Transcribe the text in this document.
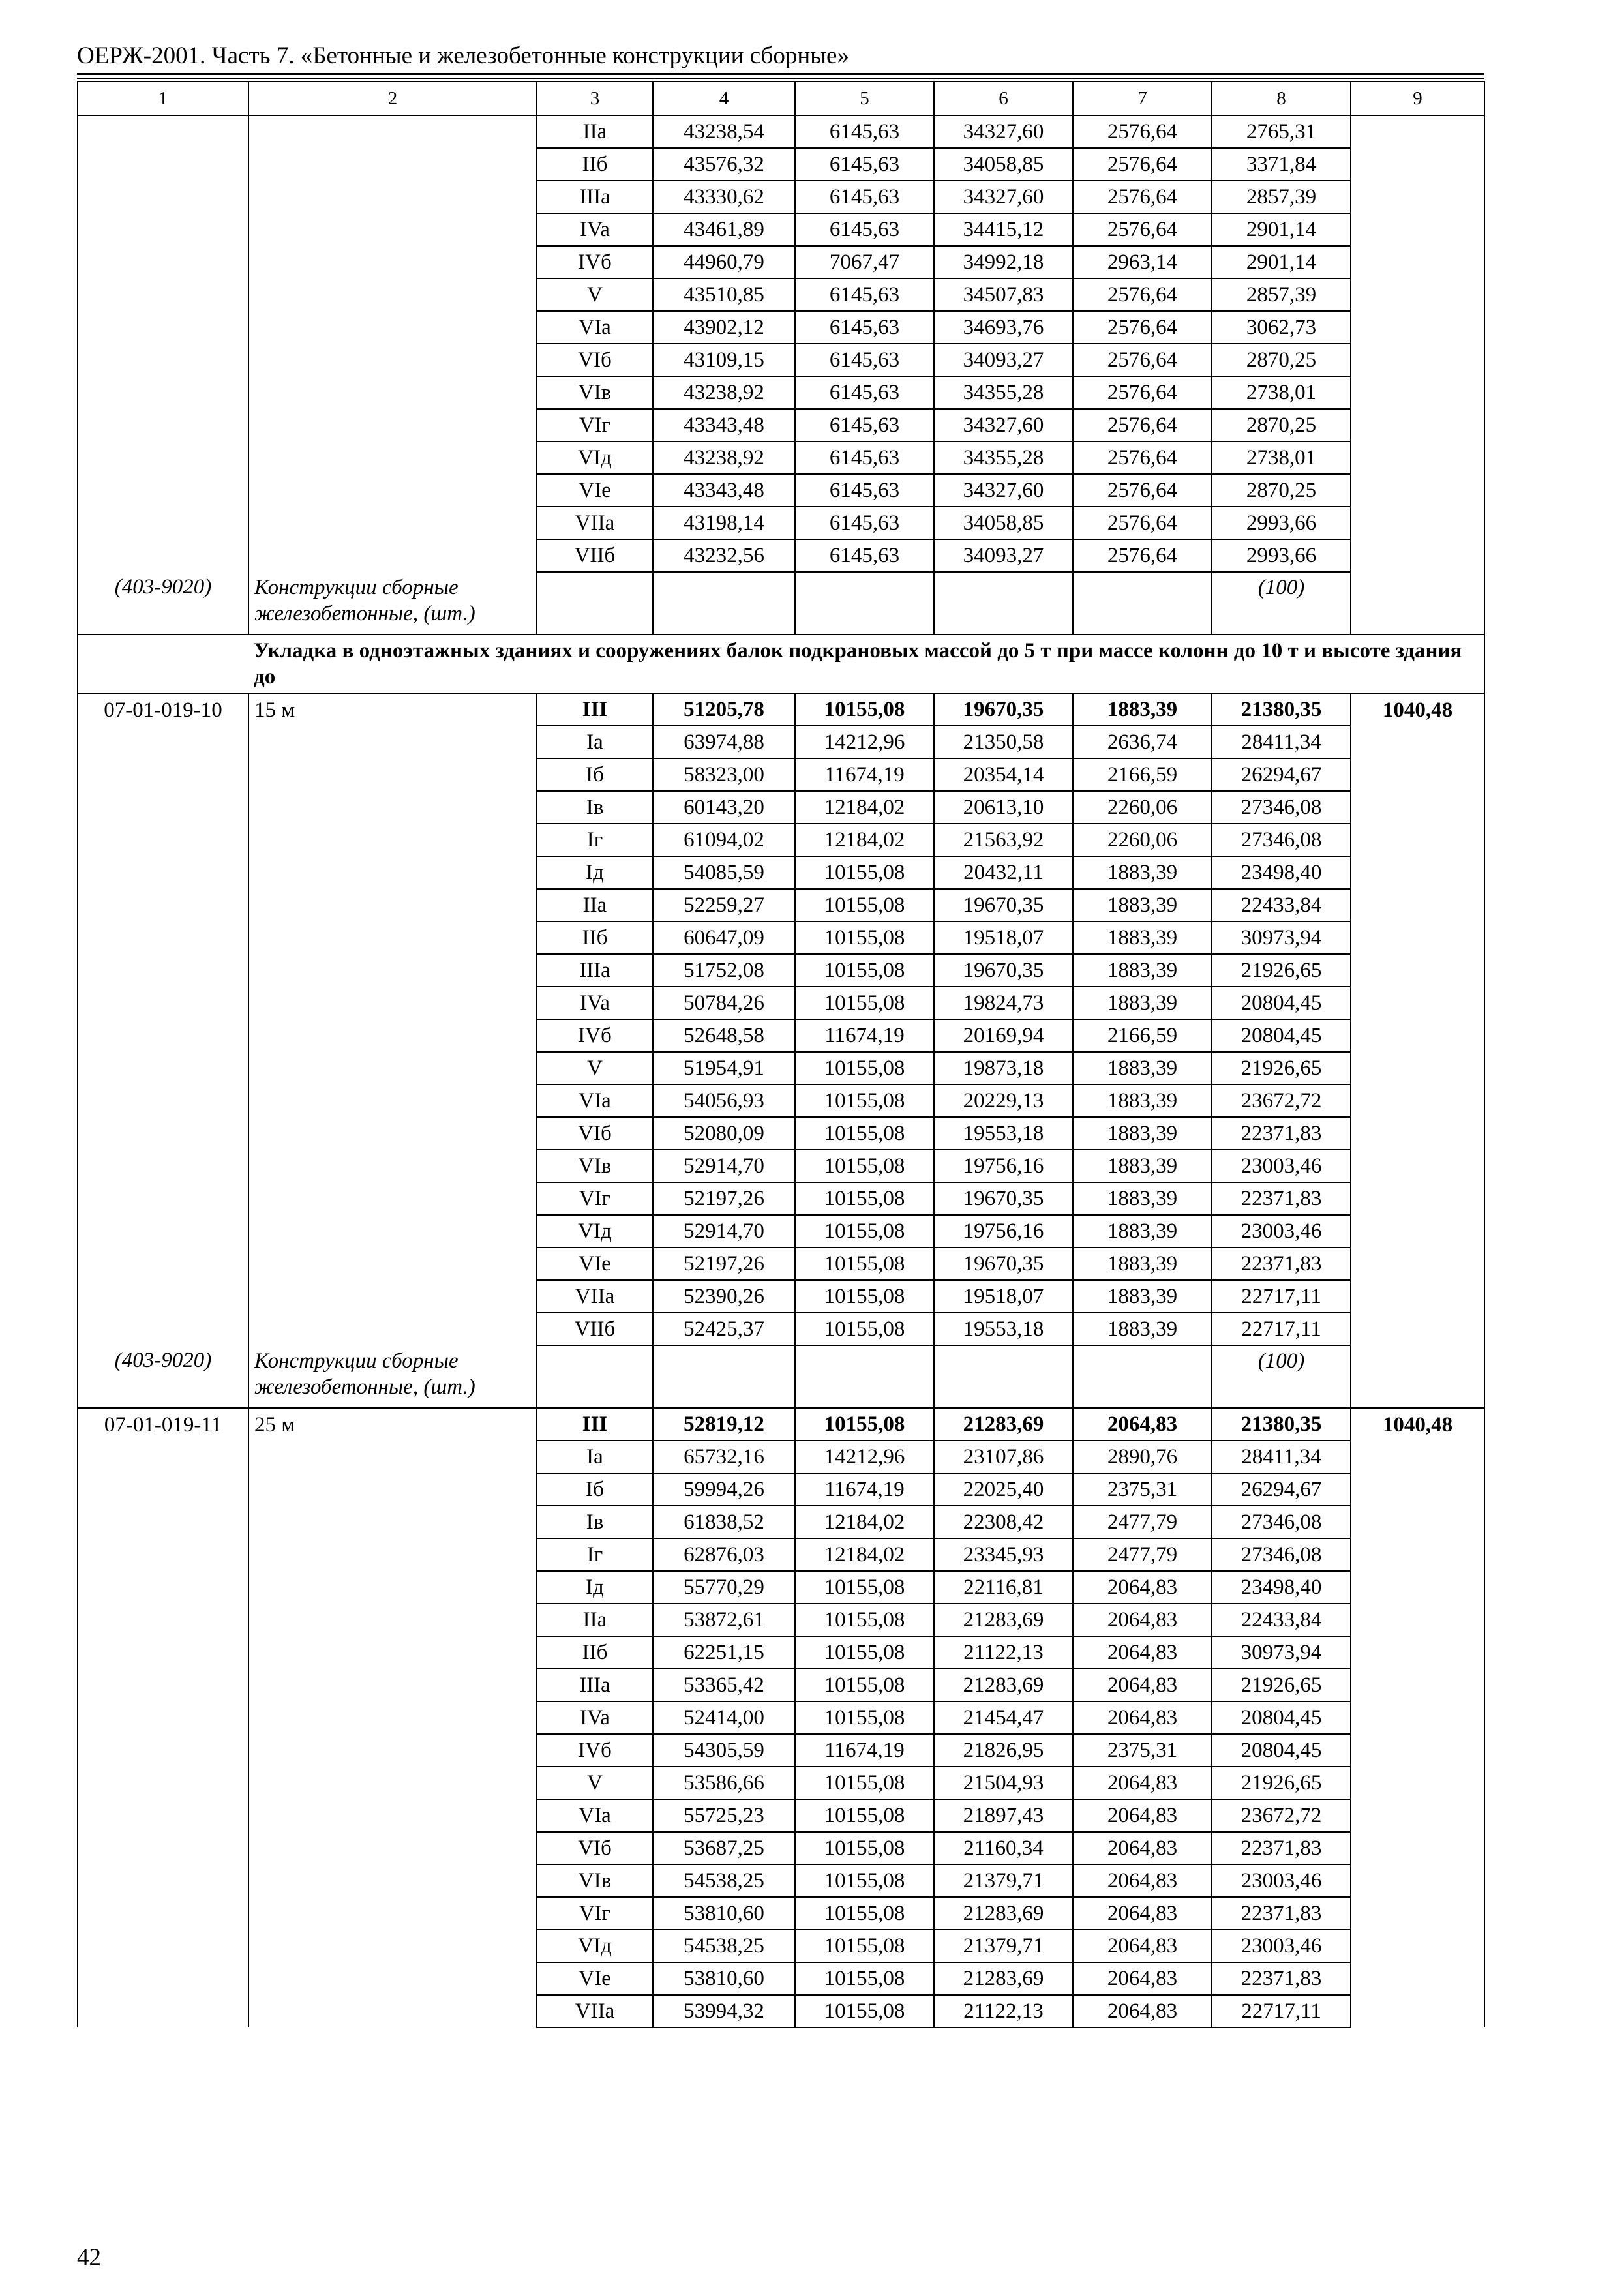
ОЕРЖ-2001. Часть 7. «Бетонные и железобетонные конструкции сборные»
1	2	3	4	5	6	7	8	9
		IIa	43238,54	6145,63	34327,60	2576,64	2765,31	
		IIб	43576,32	6145,63	34058,85	2576,64	3371,84	
		IIIa	43330,62	6145,63	34327,60	2576,64	2857,39	
		IVa	43461,89	6145,63	34415,12	2576,64	2901,14	
		IVб	44960,79	7067,47	34992,18	2963,14	2901,14	
		V	43510,85	6145,63	34507,83	2576,64	2857,39	
		VIa	43902,12	6145,63	34693,76	2576,64	3062,73	
		VIб	43109,15	6145,63	34093,27	2576,64	2870,25	
		VIв	43238,92	6145,63	34355,28	2576,64	2738,01	
		VIг	43343,48	6145,63	34327,60	2576,64	2870,25	
		VIд	43238,92	6145,63	34355,28	2576,64	2738,01	
		VIe	43343,48	6145,63	34327,60	2576,64	2870,25	
		VIIa	43198,14	6145,63	34058,85	2576,64	2993,66	
		VIIб	43232,56	6145,63	34093,27	2576,64	2993,66	
(403-9020)	Конструкции сборные железобетонные, (шт.)						(100)	
	Укладка в одноэтажных зданиях и сооружениях балок подкрановых массой до 5 т при массе колонн до 10 т и высоте здания до							
07-01-019-10	15 м	III	51205,78	10155,08	19670,35	1883,39	21380,35	1040,48
		Ia	63974,88	14212,96	21350,58	2636,74	28411,34	
		Iб	58323,00	11674,19	20354,14	2166,59	26294,67	
		Iв	60143,20	12184,02	20613,10	2260,06	27346,08	
		Iг	61094,02	12184,02	21563,92	2260,06	27346,08	
		Iд	54085,59	10155,08	20432,11	1883,39	23498,40	
		IIa	52259,27	10155,08	19670,35	1883,39	22433,84	
		IIб	60647,09	10155,08	19518,07	1883,39	30973,94	
		IIIa	51752,08	10155,08	19670,35	1883,39	21926,65	
		IVa	50784,26	10155,08	19824,73	1883,39	20804,45	
		IVб	52648,58	11674,19	20169,94	2166,59	20804,45	
		V	51954,91	10155,08	19873,18	1883,39	21926,65	
		VIa	54056,93	10155,08	20229,13	1883,39	23672,72	
		VIб	52080,09	10155,08	19553,18	1883,39	22371,83	
		VIв	52914,70	10155,08	19756,16	1883,39	23003,46	
		VIг	52197,26	10155,08	19670,35	1883,39	22371,83	
		VIд	52914,70	10155,08	19756,16	1883,39	23003,46	
		VIe	52197,26	10155,08	19670,35	1883,39	22371,83	
		VIIa	52390,26	10155,08	19518,07	1883,39	22717,11	
		VIIб	52425,37	10155,08	19553,18	1883,39	22717,11	
(403-9020)	Конструкции сборные железобетонные, (шт.)						(100)	
07-01-019-11	25 м	III	52819,12	10155,08	21283,69	2064,83	21380,35	1040,48
		Ia	65732,16	14212,96	23107,86	2890,76	28411,34	
		Iб	59994,26	11674,19	22025,40	2375,31	26294,67	
		Iв	61838,52	12184,02	22308,42	2477,79	27346,08	
		Iг	62876,03	12184,02	23345,93	2477,79	27346,08	
		Iд	55770,29	10155,08	22116,81	2064,83	23498,40	
		IIa	53872,61	10155,08	21283,69	2064,83	22433,84	
		IIб	62251,15	10155,08	21122,13	2064,83	30973,94	
		IIIa	53365,42	10155,08	21283,69	2064,83	21926,65	
		IVa	52414,00	10155,08	21454,47	2064,83	20804,45	
		IVб	54305,59	11674,19	21826,95	2375,31	20804,45	
		V	53586,66	10155,08	21504,93	2064,83	21926,65	
		VIa	55725,23	10155,08	21897,43	2064,83	23672,72	
		VIб	53687,25	10155,08	21160,34	2064,83	22371,83	
		VIв	54538,25	10155,08	21379,71	2064,83	23003,46	
		VIг	53810,60	10155,08	21283,69	2064,83	22371,83	
		VIд	54538,25	10155,08	21379,71	2064,83	23003,46	
		VIe	53810,60	10155,08	21283,69	2064,83	22371,83	
		VIIa	53994,32	10155,08	21122,13	2064,83	22717,11	
42
